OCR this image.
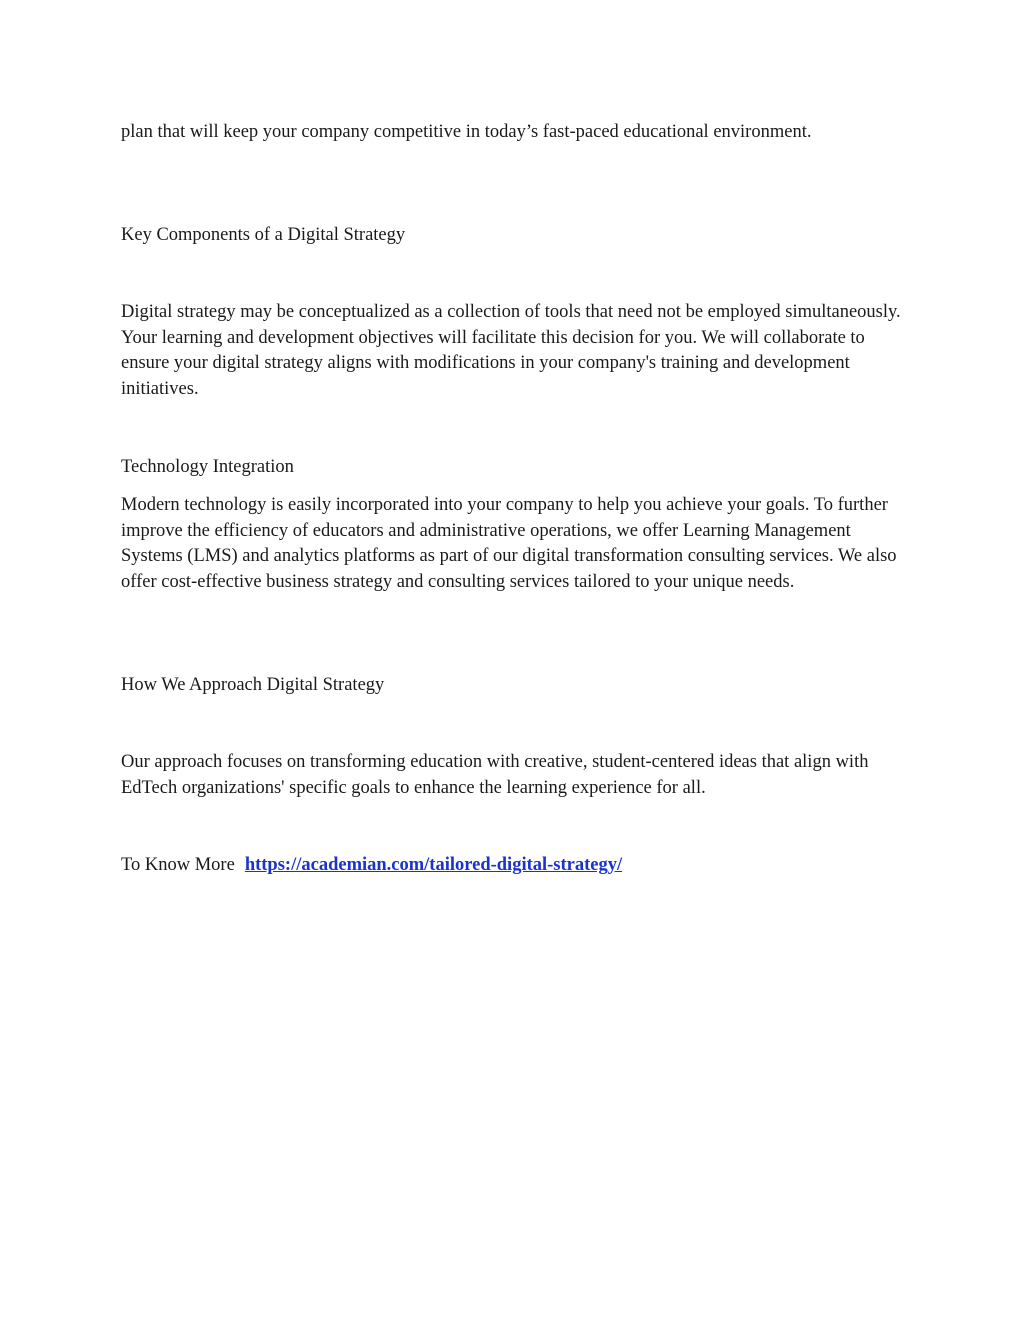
plan that will keep your company competitive in today’s fast-paced educational environment.

Key Components of a Digital Strategy

Digital strategy may be conceptualized as a collection of tools that need not be employed simultaneously. Your learning and development objectives will facilitate this decision for you. We will collaborate to ensure your digital strategy aligns with modifications in your company's training and development initiatives.

Technology Integration

Modern technology is easily incorporated into your company to help you achieve your goals. To further improve the efficiency of educators and administrative operations, we offer Learning Management Systems (LMS) and analytics platforms as part of our digital transformation consulting services. We also offer cost-effective business strategy and consulting services tailored to your unique needs.

How We Approach Digital Strategy

Our approach focuses on transforming education with creative, student-centered ideas that align with EdTech organizations' specific goals to enhance the learning experience for all.

To Know More https://academian.com/tailored-digital-strategy/
